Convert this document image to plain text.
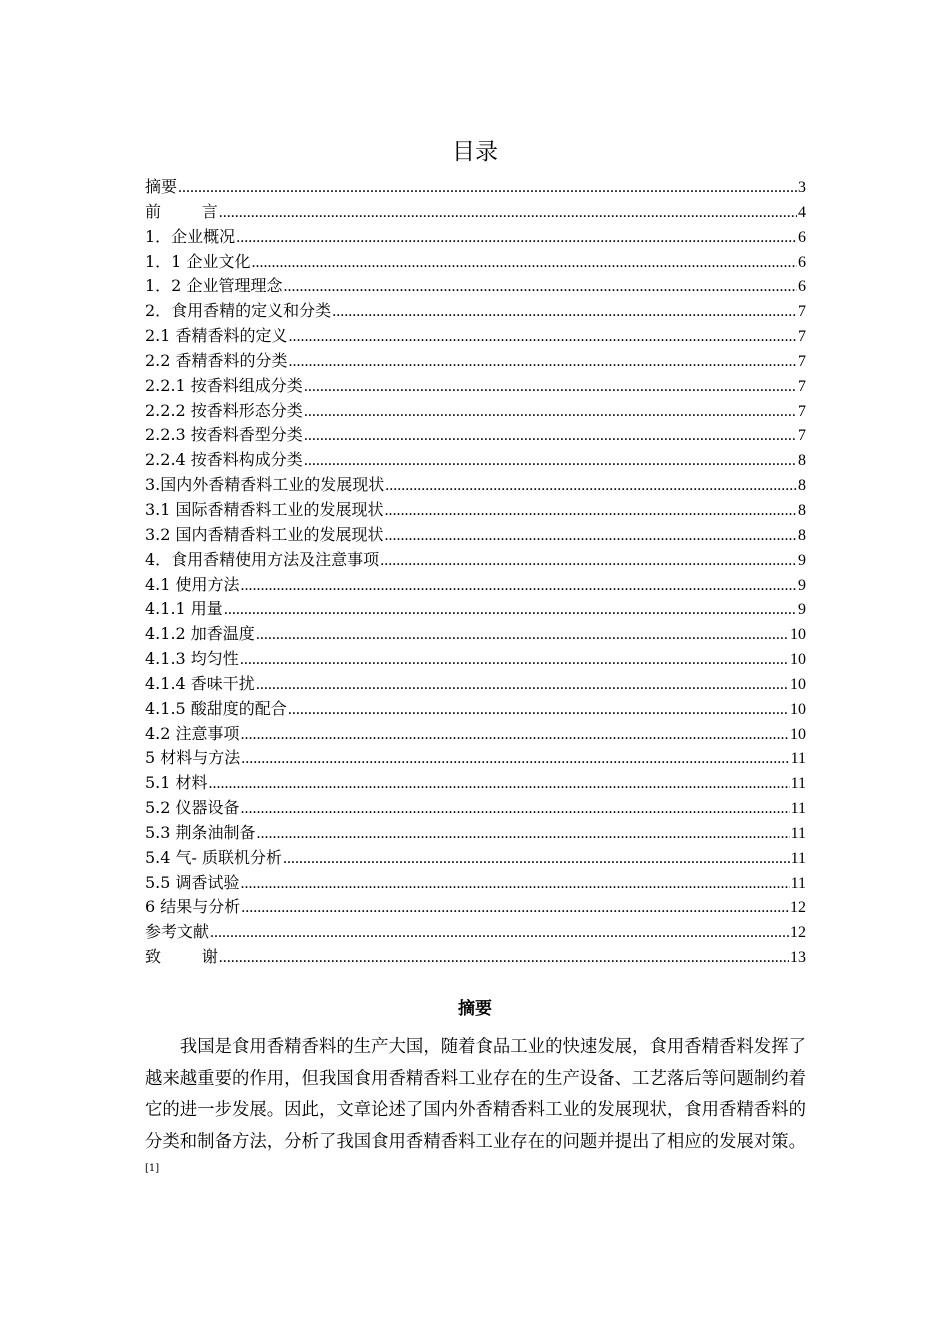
目录
摘要 .....	3
前        言 .....	4
1．企业概况 .....	6
1．1 企业文化 .....	6
1．2 企业管理理念 .....	6
2．食用香精的定义和分类 .....	7
2.1 香精香料的定义 .....	7
2.2 香精香料的分类 .....	7
2.2.1 按香料组成分类 .....	7
2.2.2 按香料形态分类 .....	7
2.2.3 按香料香型分类 .....	7
2.2.4 按香料构成分类 .....	8
3.国内外香精香料工业的发展现状 .....	8
3.1 国际香精香料工业的发展现状 .....	8
3.2 国内香精香料工业的发展现状 .....	8
4．食用香精使用方法及注意事项 .....	9
4.1 使用方法 .....	9
4.1.1 用量 .....	9
4.1.2 加香温度 .....	10
4.1.3 均匀性 .....	10
4.1.4 香味干扰 .....	10
4.1.5 酸甜度的配合 .....	10
4.2 注意事项 .....	10
5 材料与方法 .....	11
5.1 材料 .....	11
5.2 仪器设备 .....	11
5.3 荆条油制备 .....	11
5.4 气- 质联机分析 .....	11
5.5 调香试验 .....	11
6 结果与分析 .....	12
参考文献 .....	12
致        谢 .....	13
摘要

我国是食用香精香料的生产大国，随着食品工业的快速发展，食用香精香料发挥了越来越重要的作用，但我国食用香精香料工业存在的生产设备、工艺落后等问题制约着它的进一步发展。因此，文章论述了国内外香精香料工业的发展现状，食用香精香料的分类和制备方法，分析了我国食用香精香料工业存在的问题并提出了相应的发展对策。[1]
